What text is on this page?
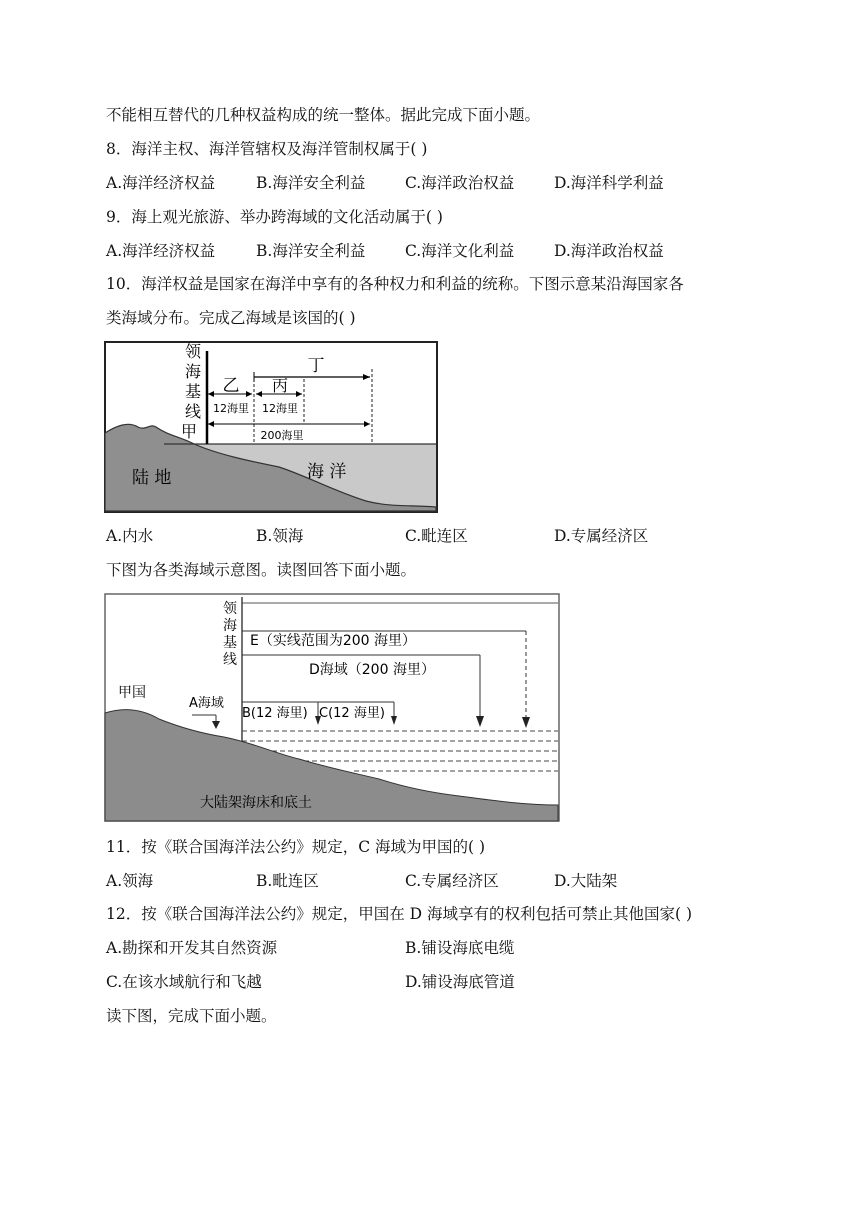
不能相互替代的几种权益构成的统一整体。据此完成下面小题。
8．海洋主权、海洋管辖权及海洋管制权属于( )
A.海洋经济权益	B.海洋安全利益	C.海洋政治权益	D.海洋科学利益
9．海上观光旅游、举办跨海域的文化活动属于( )
A.海洋经济权益	B.海洋安全利益	C.海洋文化利益	D.海洋政治权益
10．海洋权益是国家在海洋中享有的各种权力和利益的统称。下图示意某沿海国家各
类海域分布。完成乙海域是该国的( )
领
海
基
线
甲
丁
乙 丙
12海里 12海里
200海里
陆 地	海 洋
A.内水	B.领海	C.毗连区	D.专属经济区
下图为各类海域示意图。读图回答下面小题。
领
海
基
线
E（实线范围为200 海里）
D海域（200 海里）
A海域
甲国
B(12 海里) C(12 海里)
大陆架海床和底土
11．按《联合国海洋法公约》规定，C 海域为甲国的( )
A.领海	B.毗连区	C.专属经济区	D.大陆架
12．按《联合国海洋法公约》规定，甲国在 D 海域享有的权利包括可禁止其他国家( )
A.勘探和开发其自然资源	B.铺设海底电缆
C.在该水域航行和飞越	D.铺设海底管道
读下图，完成下面小题。
